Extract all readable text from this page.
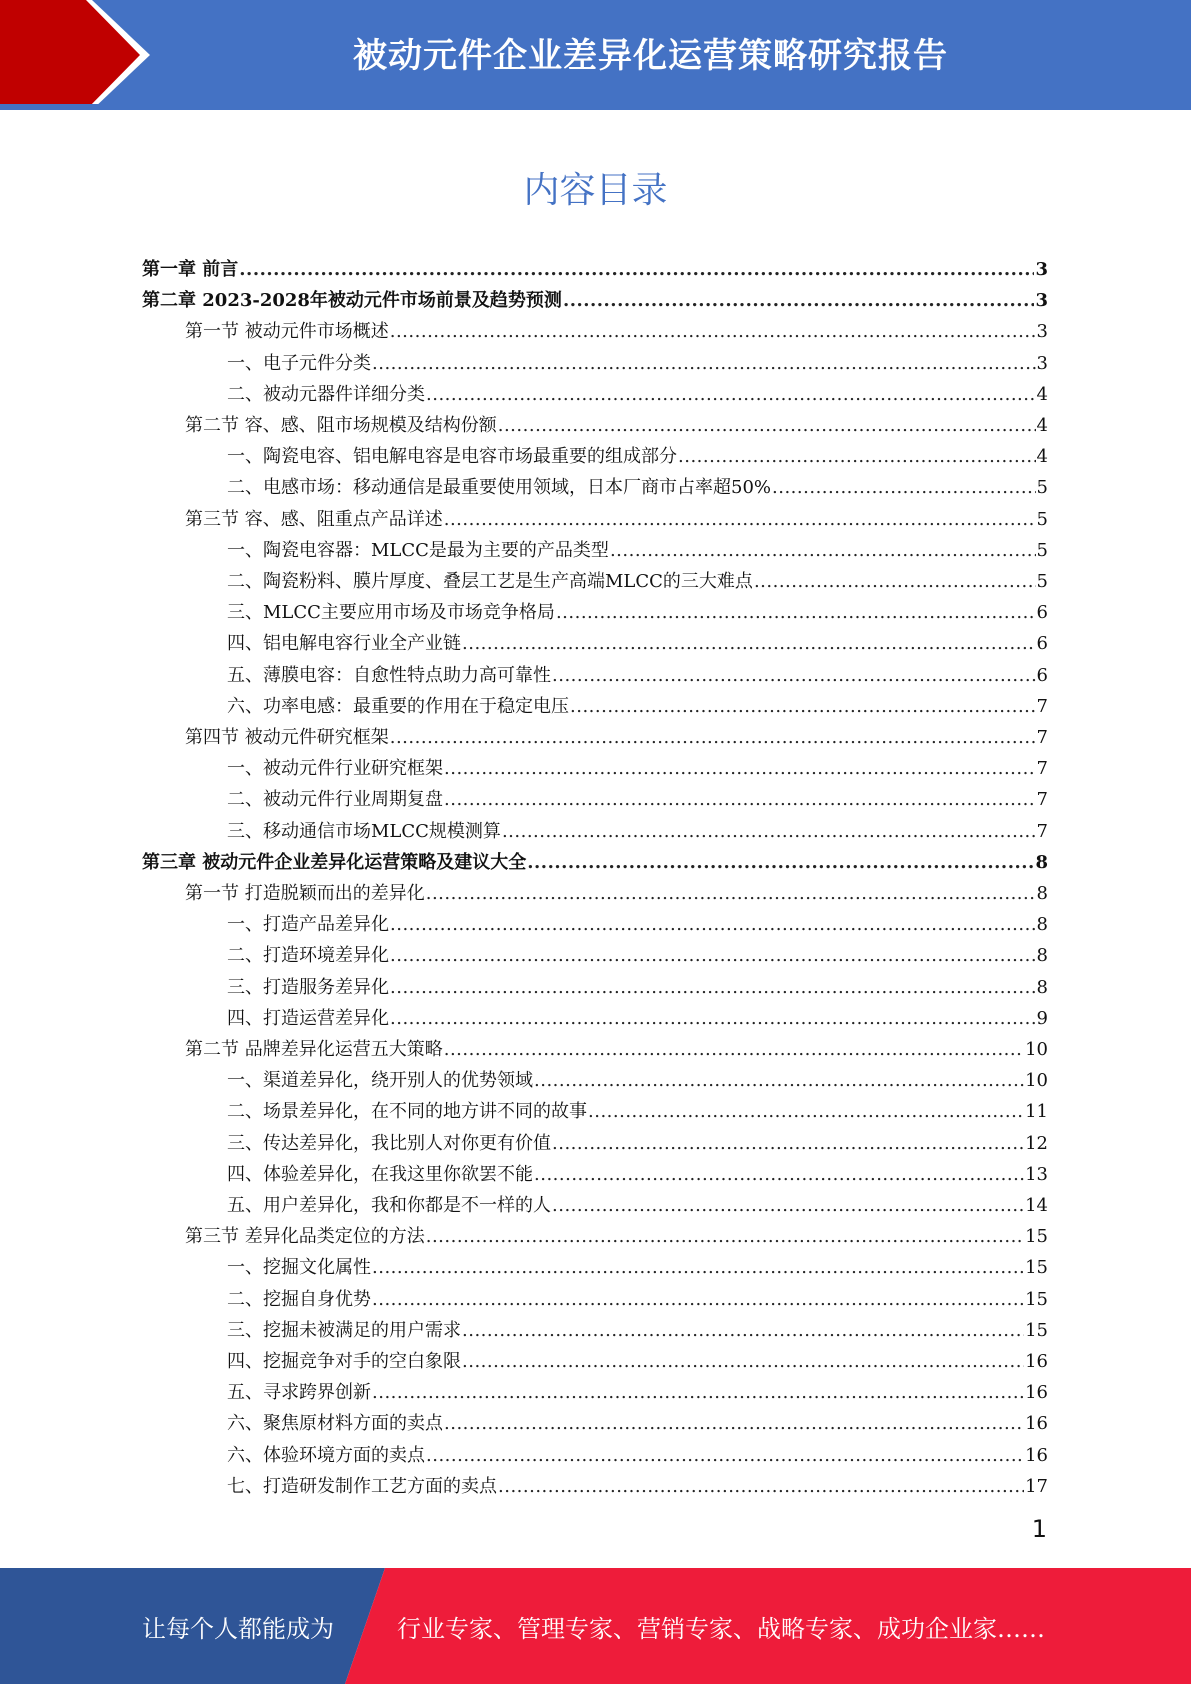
被动元件企业差异化运营策略研究报告
内容目录
第一章 前言 .....	3
第二章 2023-2028年被动元件市场前景及趋势预测 .....	3
第一节 被动元件市场概述 .....	3
一、电子元件分类 .....	3
二、被动元器件详细分类 .....	4
第二节 容、感、阻市场规模及结构份额 .....	4
一、陶瓷电容、铝电解电容是电容市场最重要的组成部分 .....	4
二、电感市场：移动通信是最重要使用领域，日本厂商市占率超50% .....	5
第三节 容、感、阻重点产品详述 .....	5
一、陶瓷电容器：MLCC是最为主要的产品类型 .....	5
二、陶瓷粉料、膜片厚度、叠层工艺是生产高端MLCC的三大难点 .....	5
三、MLCC主要应用市场及市场竞争格局 .....	6
四、铝电解电容行业全产业链 .....	6
五、薄膜电容：自愈性特点助力高可靠性 .....	6
六、功率电感：最重要的作用在于稳定电压 .....	7
第四节 被动元件研究框架 .....	7
一、被动元件行业研究框架 .....	7
二、被动元件行业周期复盘 .....	7
三、移动通信市场MLCC规模测算 .....	7
第三章 被动元件企业差异化运营策略及建议大全 .....	8
第一节 打造脱颖而出的差异化 .....	8
一、打造产品差异化 .....	8
二、打造环境差异化 .....	8
三、打造服务差异化 .....	8
四、打造运营差异化 .....	9
第二节 品牌差异化运营五大策略 .....	10
一、渠道差异化，绕开别人的优势领域 .....	10
二、场景差异化，在不同的地方讲不同的故事 .....	11
三、传达差异化，我比别人对你更有价值 .....	12
四、体验差异化，在我这里你欲罢不能 .....	13
五、用户差异化，我和你都是不一样的人 .....	14
第三节 差异化品类定位的方法 .....	15
一、挖掘文化属性 .....	15
二、挖掘自身优势 .....	15
三、挖掘未被满足的用户需求 .....	15
四、挖掘竞争对手的空白象限 .....	16
五、寻求跨界创新 .....	16
六、聚焦原材料方面的卖点 .....	16
六、体验环境方面的卖点 .....	16
七、打造研发制作工艺方面的卖点 .....	17
1
让每个人都能成为	行业专家、管理专家、营销专家、战略专家、成功企业家……
